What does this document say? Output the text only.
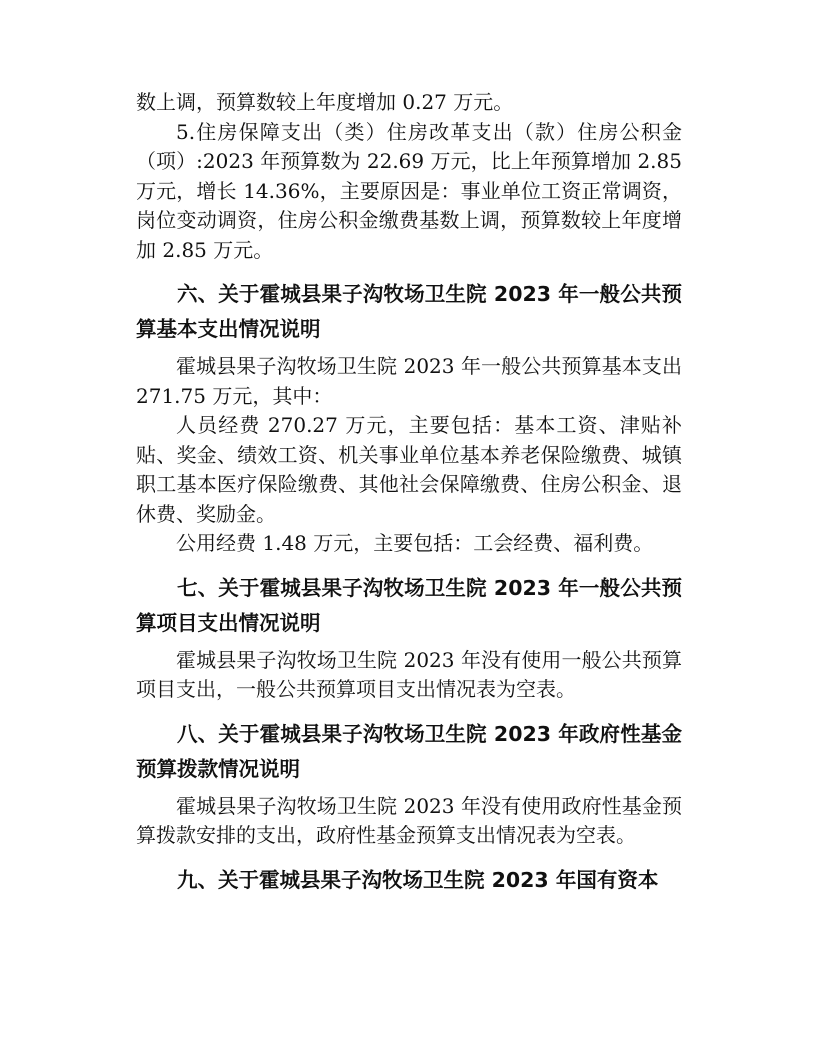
数上调，预算数较上年度增加 0.27 万元。

5.住房保障支出（类）住房改革支出（款）住房公积金（项）:2023 年预算数为 22.69 万元，比上年预算增加 2.85 万元，增长 14.36%，主要原因是：事业单位工资正常调资，岗位变动调资，住房公积金缴费基数上调，预算数较上年度增加 2.85 万元。

六、关于霍城县果子沟牧场卫生院 2023 年一般公共预算基本支出情况说明

霍城县果子沟牧场卫生院 2023 年一般公共预算基本支出 271.75 万元，其中：

人员经费 270.27 万元，主要包括：基本工资、津贴补贴、奖金、绩效工资、机关事业单位基本养老保险缴费、城镇职工基本医疗保险缴费、其他社会保障缴费、住房公积金、退休费、奖励金。

公用经费 1.48 万元，主要包括：工会经费、福利费。

七、关于霍城县果子沟牧场卫生院 2023 年一般公共预算项目支出情况说明

霍城县果子沟牧场卫生院 2023 年没有使用一般公共预算项目支出，一般公共预算项目支出情况表为空表。

八、关于霍城县果子沟牧场卫生院 2023 年政府性基金预算拨款情况说明

霍城县果子沟牧场卫生院 2023 年没有使用政府性基金预算拨款安排的支出，政府性基金预算支出情况表为空表。

九、关于霍城县果子沟牧场卫生院 2023 年国有资本
